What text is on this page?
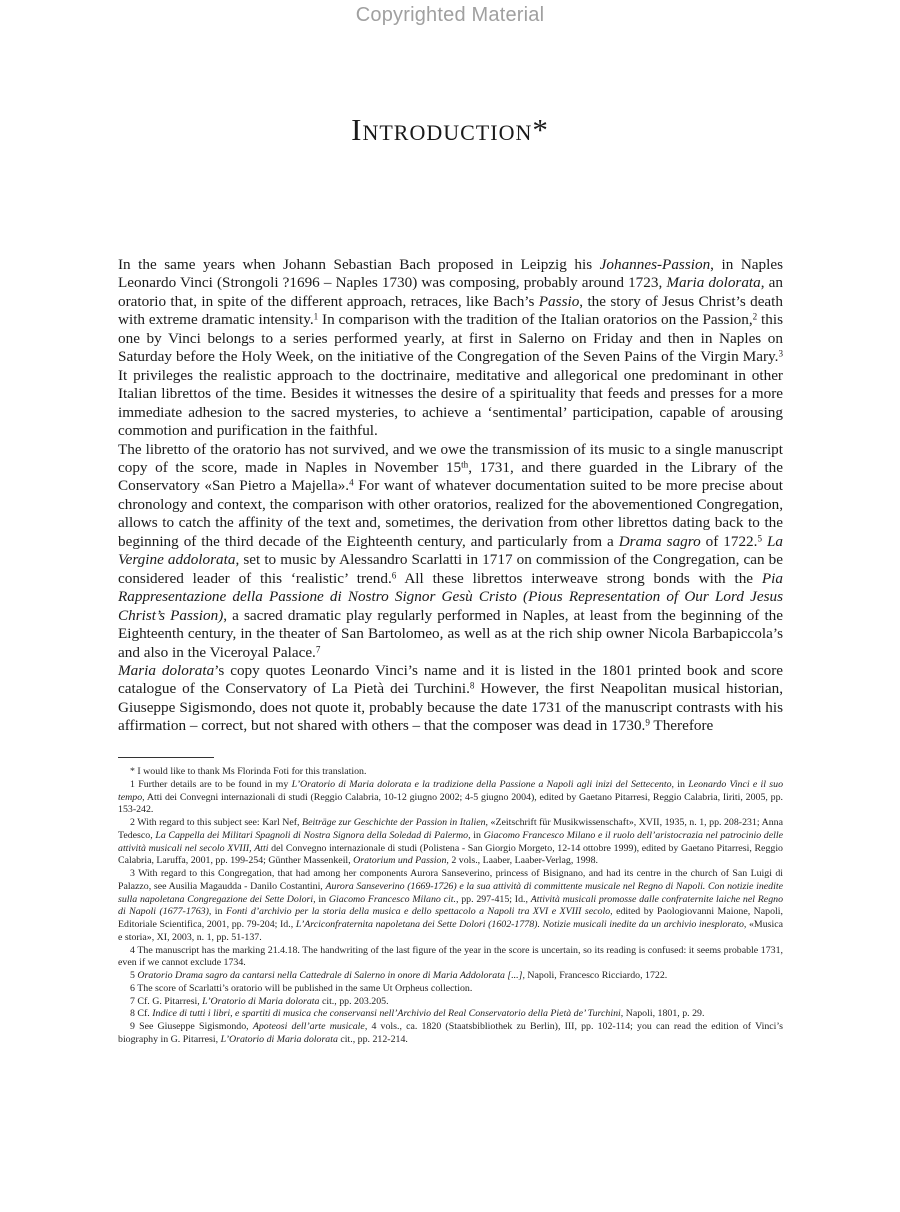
Copyrighted Material
Introduction*

In the same years when Johann Sebastian Bach proposed in Leipzig his Johannes-Passion, in Naples Leonardo Vinci (Strongoli ?1696 – Naples 1730) was composing, probably around 1723, Maria dolorata, an oratorio that, in spite of the different approach, retraces, like Bach’s Passio, the story of Jesus Christ’s death with extreme dramatic intensity.$^1$ In comparison with the tradition of the Italian oratorios on the Passion,$^2$ this one by Vinci belongs to a series performed yearly, at first in Salerno on Friday and then in Naples on Saturday before the Holy Week, on the initiative of the Congregation of the Seven Pains of the Virgin Mary.$^3$ It privileges the realistic approach to the doctrinaire, meditative and allegorical one predominant in other Italian librettos of the time. Besides it witnesses the desire of a spirituality that feeds and presses for a more immediate adhesion to the sacred mysteries, to achieve a ‘sentimental’ participation, capable of arousing commotion and purification in the faithful.

The libretto of the oratorio has not survived, and we owe the transmission of its music to a single manuscript copy of the score, made in Naples in November 15th, 1731, and there guarded in the Library of the Conservatory «San Pietro a Majella».$^4$ For want of whatever documentation suited to be more precise about chronology and context, the comparison with other oratorios, realized for the abovementioned Congregation, allows to catch the affinity of the text and, sometimes, the derivation from other librettos dating back to the beginning of the third decade of the Eighteenth century, and particularly from a Drama sagro of 1722.$^5$ La Vergine addolorata, set to music by Alessandro Scarlatti in 1717 on commission of the Congregation, can be considered leader of this ‘realistic’ trend.$^6$ All these librettos interweave strong bonds with the Pia Rappresentazione della Passione di Nostro Signor Gesù Cristo (Pious Representation of Our Lord Jesus Christ’s Passion), a sacred dramatic play regularly performed in Naples, at least from the beginning of the Eighteenth century, in the theater of San Bartolomeo, as well as at the rich ship owner Nicola Barbapiccola’s and also in the Viceroyal Palace.$^7$

Maria dolorata’s copy quotes Leonardo Vinci’s name and it is listed in the 1801 printed book and score catalogue of the Conservatory of La Pietà dei Turchini.$^8$ However, the first Neapolitan musical historian, Giuseppe Sigismondo, does not quote it, probably because the date 1731 of the manuscript contrasts with his affirmation – correct, but not shared with others – that the composer was dead in 1730.$^9$ Therefore

* I would like to thank Ms Florinda Foti for this translation.

1 Further details are to be found in my L’Oratorio di Maria dolorata e la tradizione della Passione a Napoli agli inizi del Settecento, in Leonardo Vinci e il suo tempo, Atti dei Convegni internazionali di studi (Reggio Calabria, 10-12 giugno 2002; 4-5 giugno 2004), edited by Gaetano Pitarresi, Reggio Calabria, Iiriti, 2005, pp. 153-242.

2 With regard to this subject see: Karl Nef, Beiträge zur Geschichte der Passion in Italien, «Zeitschrift für Musikwissenschaft», XVII, 1935, n. 1, pp. 208-231; Anna Tedesco, La Cappella dei Militari Spagnoli di Nostra Signora della Soledad di Palermo, in Giacomo Francesco Milano e il ruolo dell’aristocrazia nel patrocinio delle attività musicali nel secolo XVIII, Atti del Convegno internazionale di studi (Polistena - San Giorgio Morgeto, 12-14 ottobre 1999), edited by Gaetano Pitarresi, Reggio Calabria, Laruffa, 2001, pp. 199-254; Günther Massenkeil, Oratorium und Passion, 2 vols., Laaber, Laaber-Verlag, 1998.

3 With regard to this Congregation, that had among her components Aurora Sanseverino, princess of Bisignano, and had its centre in the church of San Luigi di Palazzo, see Ausilia Magaudda - Danilo Costantini, Aurora Sanseverino (1669-1726) e la sua attività di committente musicale nel Regno di Napoli. Con notizie inedite sulla napoletana Congregazione dei Sette Dolori, in Giacomo Francesco Milano cit., pp. 297-415; Id., Attività musicali promosse dalle confraternite laiche nel Regno di Napoli (1677-1763), in Fonti d’archivio per la storia della musica e dello spettacolo a Napoli tra XVI e XVIII secolo, edited by Paologiovanni Maione, Napoli, Editoriale Scientifica, 2001, pp. 79-204; Id., L’Arciconfraternita napoletana dei Sette Dolori (1602-1778). Notizie musicali inedite da un archivio inesplorato, «Musica e storia», XI, 2003, n. 1, pp. 51-137.

4 The manuscript has the marking 21.4.18. The handwriting of the last figure of the year in the score is uncertain, so its reading is confused: it seems probable 1731, even if we cannot exclude 1734.

5 Oratorio Drama sagro da cantarsi nella Cattedrale di Salerno in onore di Maria Addolorata [...], Napoli, Francesco Ricciardo, 1722.

6 The score of Scarlatti’s oratorio will be published in the same Ut Orpheus collection.

7 Cf. G. Pitarresi, L’Oratorio di Maria dolorata cit., pp. 203.205.

8 Cf. Indice di tutti i libri, e spartiti di musica che conservansi nell’Archivio del Real Conservatorio della Pietà de’ Turchini, Napoli, 1801, p. 29.

9 See Giuseppe Sigismondo, Apoteosi dell’arte musicale, 4 vols., ca. 1820 (Staatsbibliothek zu Berlin), III, pp. 102-114; you can read the edition of Vinci’s biography in G. Pitarresi, L’Oratorio di Maria dolorata cit., pp. 212-214.
